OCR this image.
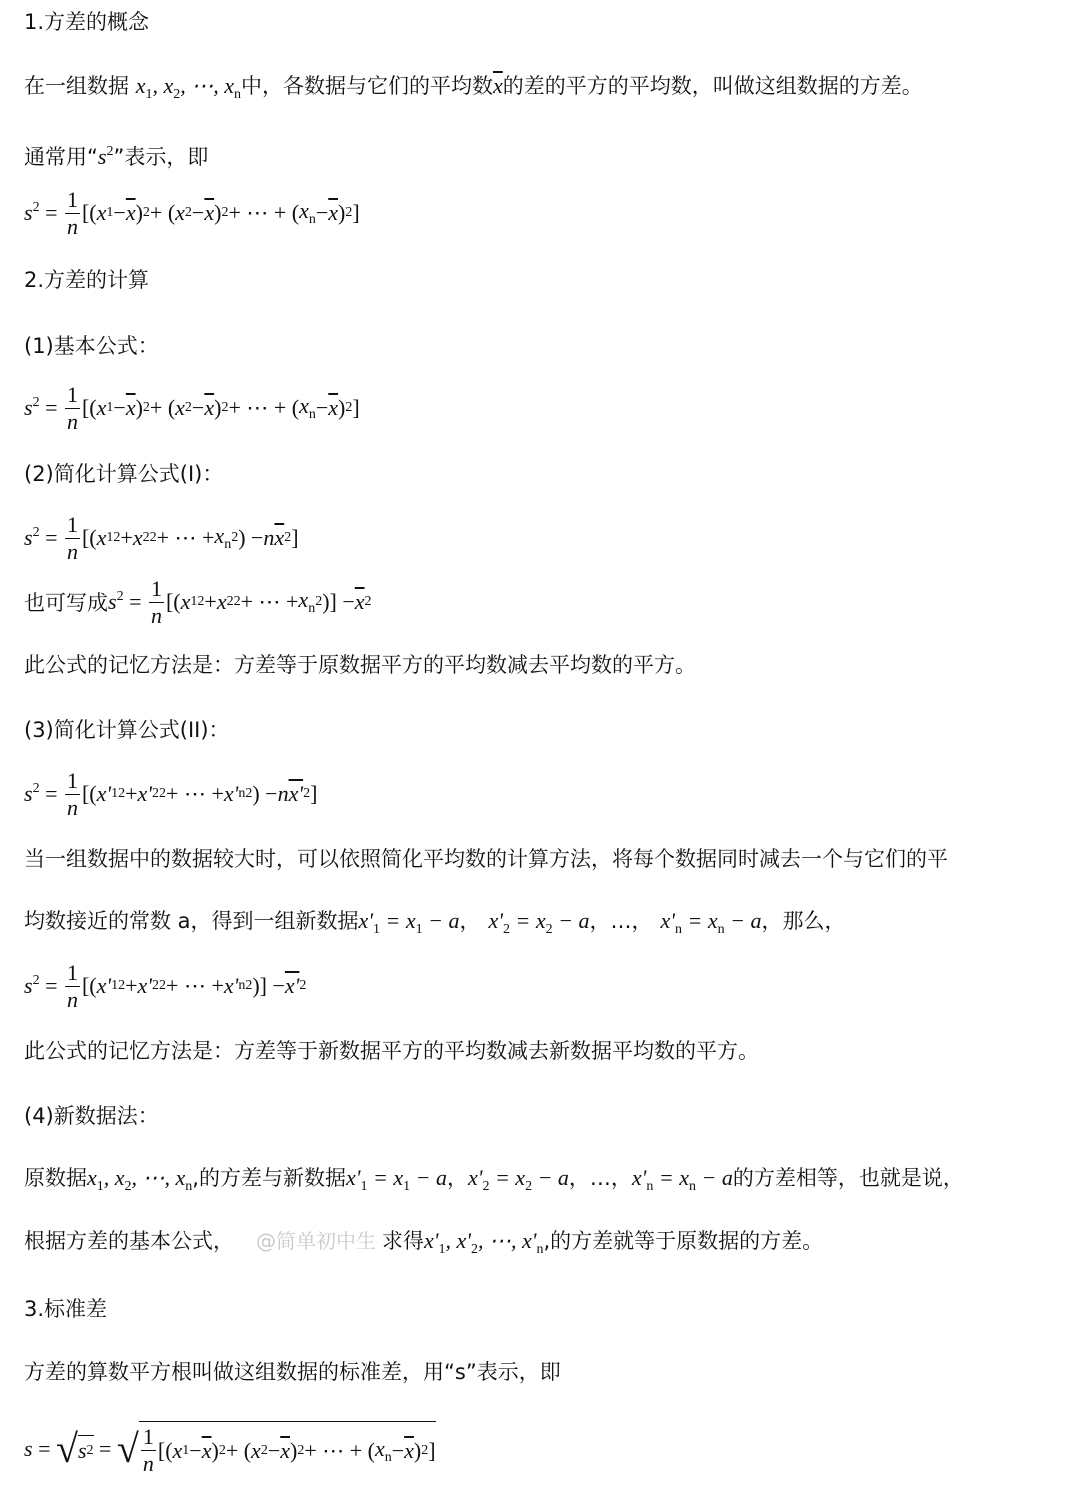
1.方差的概念
在一组数据 $x_1$, $x_2$, ⋯, $x_n$中，各数据与它们的平均数$\overline{x}$的差的平方的平均数，叫做这组数据的方差。
通常用“$s^2$”表示，即
$s^2 = \frac{1}{n}$ [( x $1 - \overline{x}$ ) 2 + ( x $2 - \overline{x}$ ) 2 + ⋯ + ( $x_n - \overline{x}$ ) 2 ]
2.方差的计算
(1)基本公式：
$s^2 = \frac{1}{n}$ [( x $1 - \overline{x}$ ) 2 + ( x $2 - \overline{x}$ ) 2 + ⋯ + ( $x_n - \overline{x}$ ) 2 ]
(2)简化计算公式(I)：
$s^2 = \frac{1}{n}$ [( x 1 2 + x 2 2 + ⋯ + $x_n$ 2 ) − n $\overline{x}$ 2 ]
也可写成 $s^2 = \frac{1}{n}$ [( x 1 2 + x 2 2 + ⋯ + $x_n$ 2 )] − $\overline{x}$ 2
此公式的记忆方法是：方差等于原数据平方的平均数减去平均数的平方。
(3)简化计算公式(II)：
$s^2 = \frac{1}{n}$ [( x' 1 2 + x' 2 2 + ⋯ + x' n 2 ) − n x' 2 ]
当一组数据中的数据较大时，可以依照简化平均数的计算方法，将每个数据同时减去一个与它们的平
均数接近的常数 a，得到一组新数据$x'_1 = x_1 - a$， $x'_2 = x_2 - a$，…， $x'_n = x_n - a$，那么，
$s^2 = \frac{1}{n}$ [( x' 1 2 + x' 2 2 + ⋯ + x' n 2 )] − x' 2
此公式的记忆方法是：方差等于新数据平方的平均数减去新数据平均数的平方。
(4)新数据法：
原数据$x_1$, $x_2$, ⋯, $x_n$,的方差与新数据$x'_1 = x_1 - a$，$x'_2 = x_2 - a$，…，$x'_n = x_n - a$的方差相等，也就是说，
根据方差的基本公式， @简单初中生 求得$x'_1$, $x'_2$, ⋯, $x'_n$,的方差就等于原数据的方差。
3.标准差
方差的算数平方根叫做这组数据的标准差，用“s”表示，即
s = √ s 2 = √ $\frac{1}{n}$ [( x $1 - \overline{x}$ ) 2 + ( x $2 - \overline{x}$ ) 2 + ⋯ + ( $x_n - \overline{x}$ ) 2 ]
